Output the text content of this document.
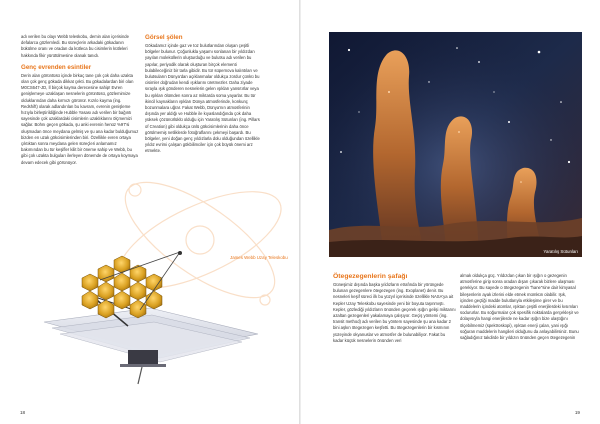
adı verilen bu olayı Webb teleskobu, demin alan içerisinde defalarca gözlemledi. Bu süreçlerin arkadaki gökadanın bükülme oranı ve oradan da kütleca bu cisimlerin kütleleri hakkında fikir yürütülmesine olanak tanıdı.

Genç evrenden esintiler

Derin alan görüntüsü içinde birkaç tane çok çok daha uzakta olan çok genç gökada dikkat çekti. Bu gökadalardan biri olan M0CS647-JD, İl birçok kayma derecesine sahip! Evren genişlemeye uzaklaşan nesnelerin görüntüsü, gözlemimize olduklarından daha kırmızı görünür. Kızılo kayma (ing. Redshift) olarak adlandırılan bu kavram, evrenin genişleme hızıyla birleştirildiğinde Hubble Yasası adı verilen bir bağıntı sayesinde çok uzaklardaki cisimlerin uzaklıklarını ölçmemizi sağlar. Bohnı geçen gökada, şu anki evrenin henüz %97'si oluşmadan önce meydana gelmiş ve şu ana kadar bulduğumuz bizden en uzak gökcisimlerinden biri. Özellikle evren ortaya çıktıktan sonra meydana gelen süreçleri anlamamız bakımından bu tür keşifler kilit bir öneme sahip ve Webb, bu gibi çok uzakta bulguları ilerleyen dönemde de ortaya koymaya devam edecek gibi görünüyor.

Görsel şölen

Gökadamız içinde gaz ve toz bulutlarından oluşan çeşitli bölgeler bulunur. Çoğunlukla yaşamı sonlanan bir yıldızdan yayılan moleküllerin oluşturduğu ve bulutsu adı verilen bu yapılar, periyodik olarak oluşturan birçok elementi bulabileceğiniz bir tarla gibidir. Bu tür süpernova kalıntıları ve bulutsuların Dünya'dan açıklanmalar oldukça zordur çünkü bu cisimler doğrudan kendi ışıklarını üretmezler. Daha ziyade sırayla ışık gönderen nesnelerin gelen ışıkları yansıtırlar veya bu ışıkları ölümden sonra az miktarda soma yayarlar. Bu tür ikincil kaynakların ışıkları Dünya atmosferinde, konkunç bozunmalara uğrar. Fakat Webb, Dünya'nın atmosferinin dışında yer aldığı ve Hubble ile kıyaslandığında çok daha yüksek çözünürlüklü olduğu için Yaratılış Sütunları (ing. Pillars of Creation) gibi oldukça ünlü gökcisimlerinin daha önce görülmemiş netliklerde fotoğraflarını çekmeyi başardı. Bu bölgeler, yeni doğan genç yıldızlarla dolu olduğundan özellikle yıldız evrimi çalışan gökbilimciler için çok büyük önemi arz etmekte.

James Webb Uzay Teleskobu
18
Yaratılış Sütunları
Ötegezegenlerin şafağı

Güneşimiz dışında başka yıldızların etrafında bir yörüngede bulunan gezegenlere ötegezegen (ing. Exoplanet) denir. Bu nesneleri keşif süreci ilk bu yüzyıl içerisinde özellikle NASA'ya ait Kepler Uzay Teleskobu sayesinde yeni bir boyuta taşınmıştı. Kepler, gözlediği yıldızların önünden geçerek ışığın gelişi miktarını azaltan gezegenleri yakalamaya çalışıyor. Geçiş yöntemi (ing. transit method) adı verilen bu yöntem sayesinde şu ana kadar 2 bini aşkın ötegezegen keşfetti. Bu ötegezegenlerin bir kısmının yüzeyinde okyanuslar ve atmosfer de bulunabiliyor. Fakat bu kadar küçük nesnelerin önünden veri

almak oldukça güç. Yıldızdan çıkan bir ışığın o gezegenin atmosferine girip sonra oradan dışarı çıkarak bizlere ulaşması gerekiyor. Bu sayede o ötegezegenin "hane"sine dair kimyasal bileşenlerin ayak izlerini elde etmek mümkün olabilir. Işık, içinden geçtiği madde bulutlarıyla etkileşime girer ve bu maddelerin içindeki atomlar, ışıktan çeşitli enerjilerdeki kısımları sodururlar. Bu soğurmalar çok spesifik noktalarda gerçekleşir ve dolayısıyla hangi enerjilerde ne kadar ışığın bize ulaştığını ölçebilmemiz (spektroskopi), ışıktan enerji çalan, yani ışığı soğuran maddelerin hangileri olduğunu da anlayabilirsiniz. Bunu sağladığınız takdirde bir yıldızın önünden geçen ötegezegenin

19
